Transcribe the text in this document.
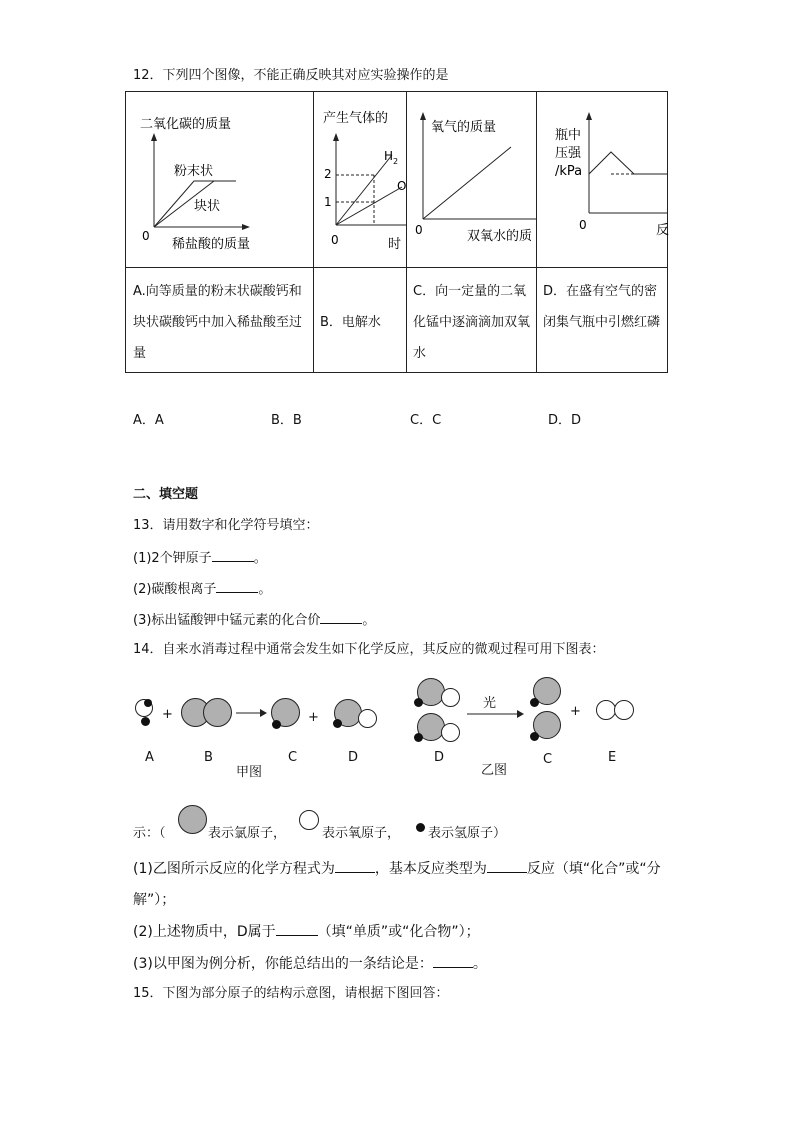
12．下列四个图像，不能正确反映其对应实验操作的是
二氧化碳的质量
稀盐酸的质量
0
粉末状
块状
产生气体的
2
1
0	时
H 2
O
氧气的质量
双氧水的质
0
瓶中
压强
/kPa
0	反
A.向等质量的粉末状碳酸钙和块状碳酸钙中加入稀盐酸至过量
B．电解水
C．向一定量的二氧化锰中逐滴滴加双氧水
D．在盛有空气的密闭集气瓶中引燃红磷
A．A	B．B	C．C	D．D
二、填空题
13．请用数字和化学符号填空：
(1)2个钾原子	。
(2)碳酸根离子	。
(3)标出锰酸钾中锰元素的化合价	。
14．自来水消毒过程中通常会发生如下化学反应，其反应的微观过程可用下图表：
+	+
A	B	C	D
甲图
光
+
D	C	E
乙图
示：（	表示氯原子，	表示氧原子， 表示氢原子）
(1)乙图所示反应的化学方程式为	，基本反应类型为	反应（填“化合”或“分
解”）；
(2)上述物质中，D属于	（填“单质”或“化合物”）；
(3)以甲图为例分析，你能总结出的一条结论是：	。
15．下图为部分原子的结构示意图，请根据下图回答：
